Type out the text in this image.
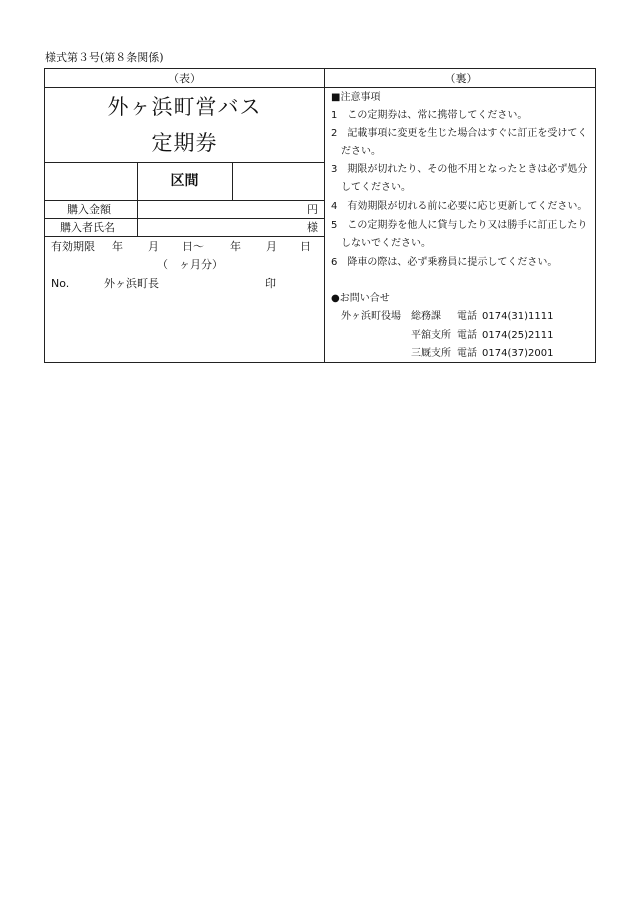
様式第３号(第８条関係)
（表）
外ヶ浜町営バス
定期券
区間
購入金額	円
購入者氏名	様
有効期限 年 月 日～ 年 月 日
（　ヶ月分）
No.	外ヶ浜町長	印
（裏）
■注意事項
1　この定期券は、常に携帯してください。
2　記載事項に変更を生じた場合はすぐに訂正を受けてく
ださい。
3　期限が切れたり、その他不用となったときは必ず処分
してください。
4　有効期限が切れる前に必要に応じ更新してください。
5　この定期券を他人に貸与したり又は勝手に訂正したり
しないでください。
6　降車の際は、必ず乗務員に提示してください。
●お問い合せ
外ヶ浜町役場 総務課 電話 0174(31)1111
平舘支所 電話 0174(25)2111
三厩支所 電話 0174(37)2001
